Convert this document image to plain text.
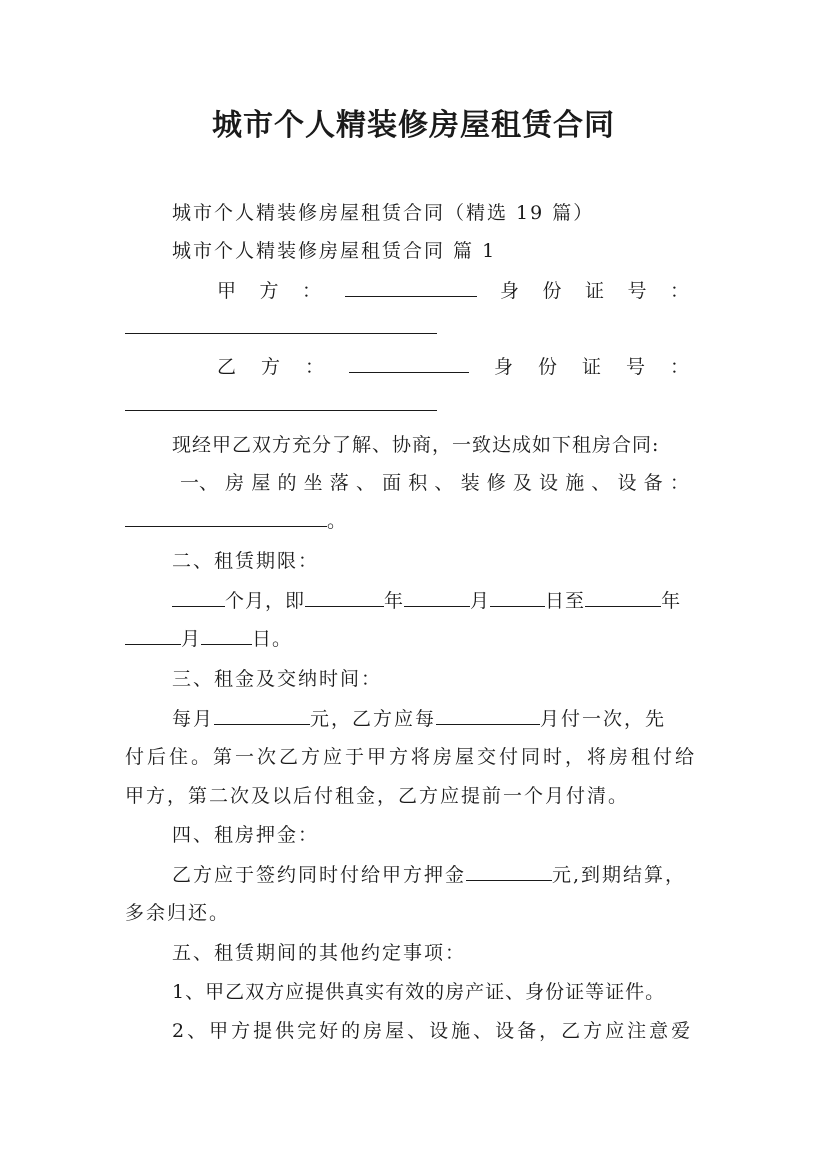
城市个人精装修房屋租赁合同
城市个人精装修房屋租赁合同（精选 19 篇）
城市个人精装修房屋租赁合同 篇 1
甲 方 ：	身 份 证 号 ：
乙 方 ：	身 份 证 号 ：
现经甲乙双方充分了解、协商，一致达成如下租房合同:
一、 房 屋 的 坐 落 、 面 积 、 装 修 及 设 施 、 设 备 ：
。
二、租赁期限：
个月，即	年	月	日至	年
月	日。
三、租金及交纳时间：
每月	元，乙方应每	月付一次，先
付后住。第一次乙方应于甲方将房屋交付同时，将房租付给
甲方，第二次及以后付租金，乙方应提前一个月付清。
四、租房押金：
乙方应于签约同时付给甲方押金	元,到期结算，
多余归还。
五、租赁期间的其他约定事项：
1、甲乙双方应提供真实有效的房产证、身份证等证件。
2、甲方提供完好的房屋、设施、设备，乙方应注意爱
